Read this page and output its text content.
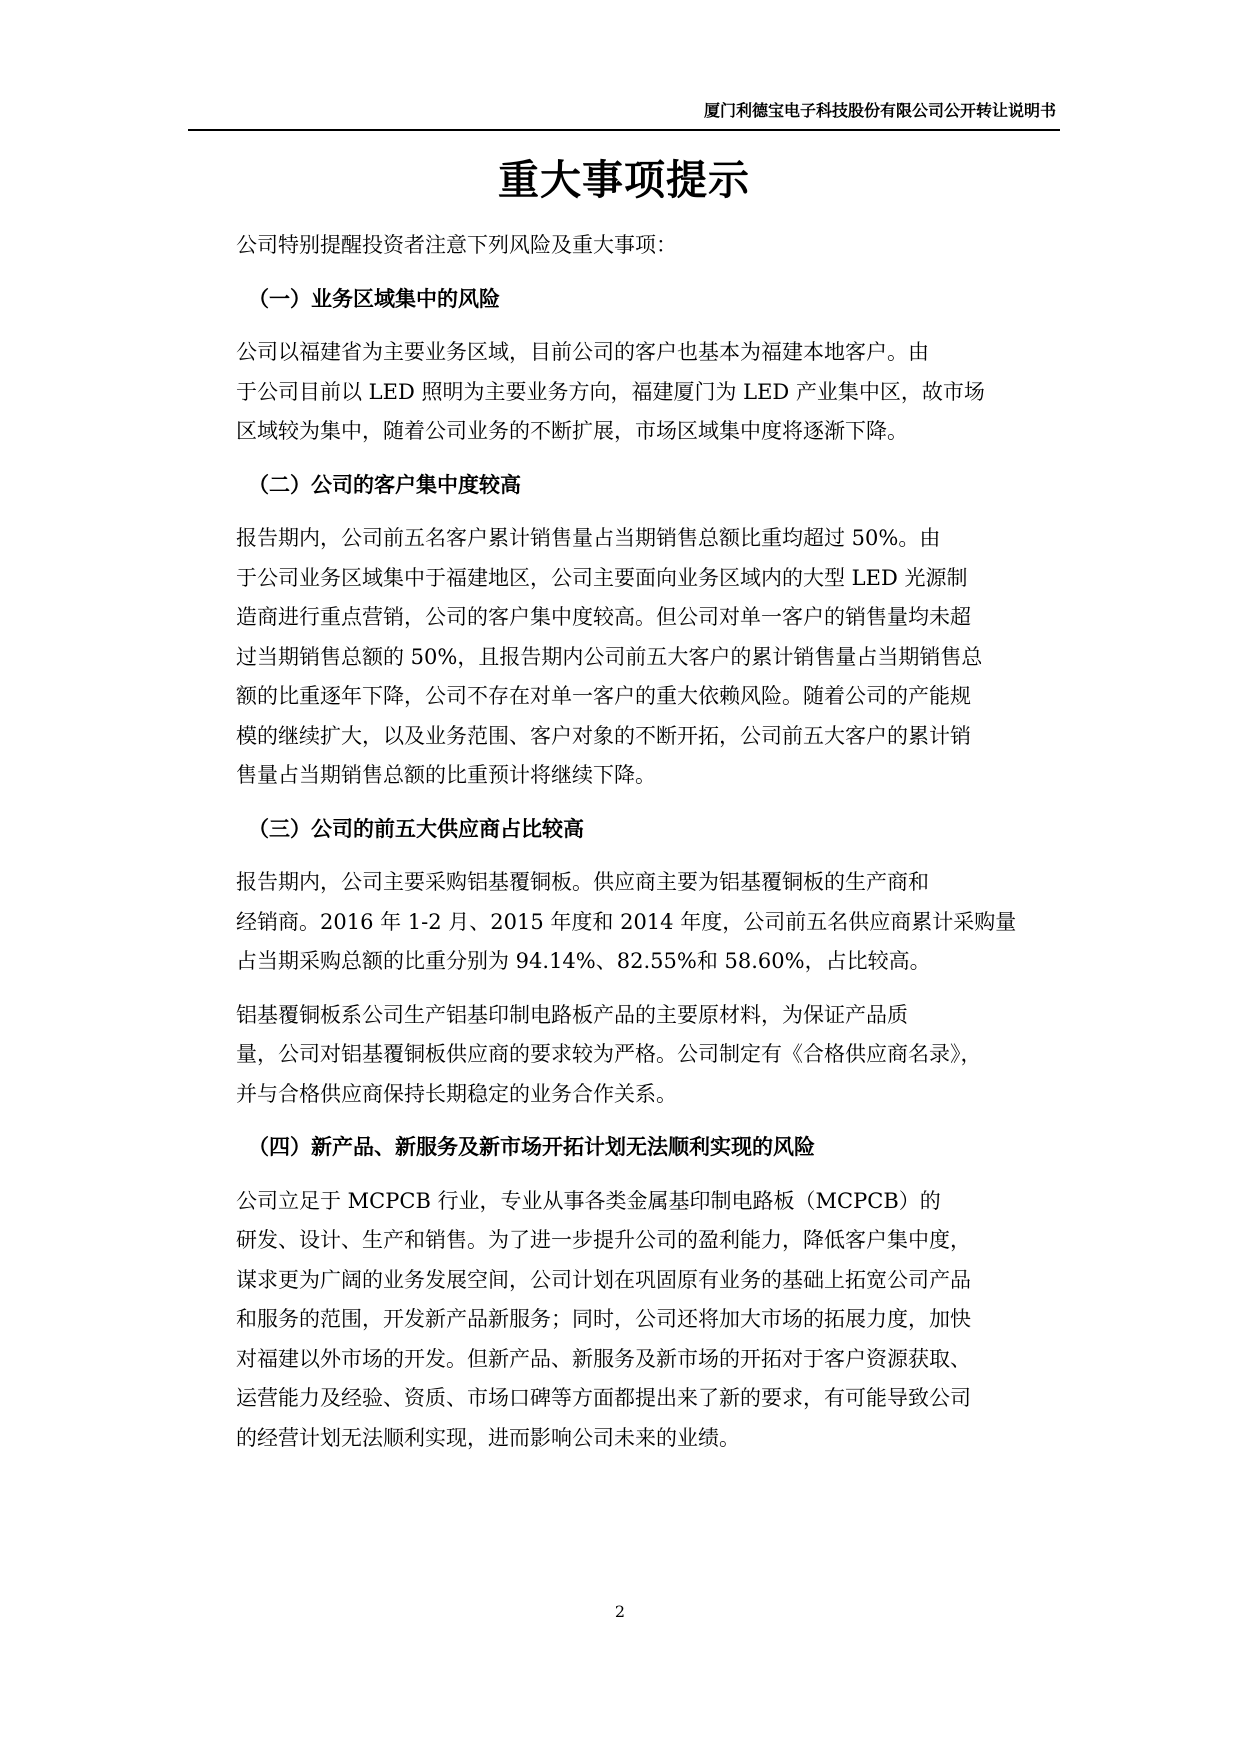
厦门利德宝电子科技股份有限公司公开转让说明书
重大事项提示

公司特别提醒投资者注意下列风险及重大事项：

（一）业务区域集中的风险

公司以福建省为主要业务区域，目前公司的客户也基本为福建本地客户。由
于公司目前以 LED 照明为主要业务方向，福建厦门为 LED 产业集中区，故市场
区域较为集中，随着公司业务的不断扩展，市场区域集中度将逐渐下降。

（二）公司的客户集中度较高

报告期内，公司前五名客户累计销售量占当期销售总额比重均超过 50%。由
于公司业务区域集中于福建地区，公司主要面向业务区域内的大型 LED 光源制
造商进行重点营销，公司的客户集中度较高。但公司对单一客户的销售量均未超
过当期销售总额的 50%，且报告期内公司前五大客户的累计销售量占当期销售总
额的比重逐年下降，公司不存在对单一客户的重大依赖风险。随着公司的产能规
模的继续扩大，以及业务范围、客户对象的不断开拓，公司前五大客户的累计销
售量占当期销售总额的比重预计将继续下降。

（三）公司的前五大供应商占比较高

报告期内，公司主要采购铝基覆铜板。供应商主要为铝基覆铜板的生产商和
经销商。2016 年 1-2 月、2015 年度和 2014 年度，公司前五名供应商累计采购量
占当期采购总额的比重分别为 94.14%、82.55%和 58.60%，占比较高。

铝基覆铜板系公司生产铝基印制电路板产品的主要原材料，为保证产品质
量，公司对铝基覆铜板供应商的要求较为严格。公司制定有《合格供应商名录》，
并与合格供应商保持长期稳定的业务合作关系。

（四）新产品、新服务及新市场开拓计划无法顺利实现的风险

公司立足于 MCPCB 行业，专业从事各类金属基印制电路板（MCPCB）的
研发、设计、生产和销售。为了进一步提升公司的盈利能力，降低客户集中度，
谋求更为广阔的业务发展空间，公司计划在巩固原有业务的基础上拓宽公司产品
和服务的范围，开发新产品新服务；同时，公司还将加大市场的拓展力度，加快
对福建以外市场的开发。但新产品、新服务及新市场的开拓对于客户资源获取、
运营能力及经验、资质、市场口碑等方面都提出来了新的要求，有可能导致公司
的经营计划无法顺利实现，进而影响公司未来的业绩。

2
